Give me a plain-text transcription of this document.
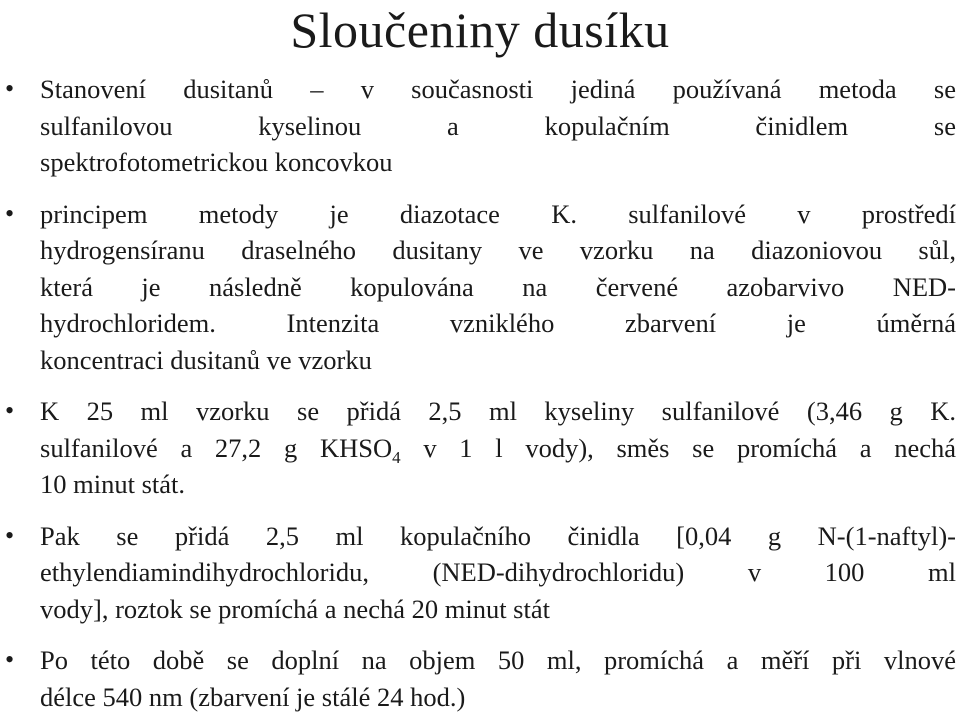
Sloučeniny dusíku
• Stanovení dusitanů – v současnosti jediná používaná metoda se
sulfanilovou kyselinou a kopulačním činidlem se
spektrofotometrickou koncovkou

• principem metody je diazotace K. sulfanilové v prostředí
hydrogensíranu draselného dusitany ve vzorku na diazoniovou sůl,
která je následně kopulována na červené azobarvivo NED-
hydrochloridem. Intenzita vzniklého zbarvení je úměrná
koncentraci dusitanů ve vzorku

• K 25 ml vzorku se přidá 2,5 ml kyseliny sulfanilové (3,46 g K.
sulfanilové a 27,2 g $KHSO_4$ v 1 l vody), směs se promíchá a nechá
10 minut stát.

• Pak se přidá 2,5 ml kopulačního činidla [0,04 g N-(1-naftyl)-
ethylendiamindihydrochloridu, (NED-dihydrochloridu) v 100 ml
vody], roztok se promíchá a nechá 20 minut stát

• Po této době se doplní na objem 50 ml, promíchá a měří při vlnové
délce 540 nm (zbarvení je stálé 24 hod.)
